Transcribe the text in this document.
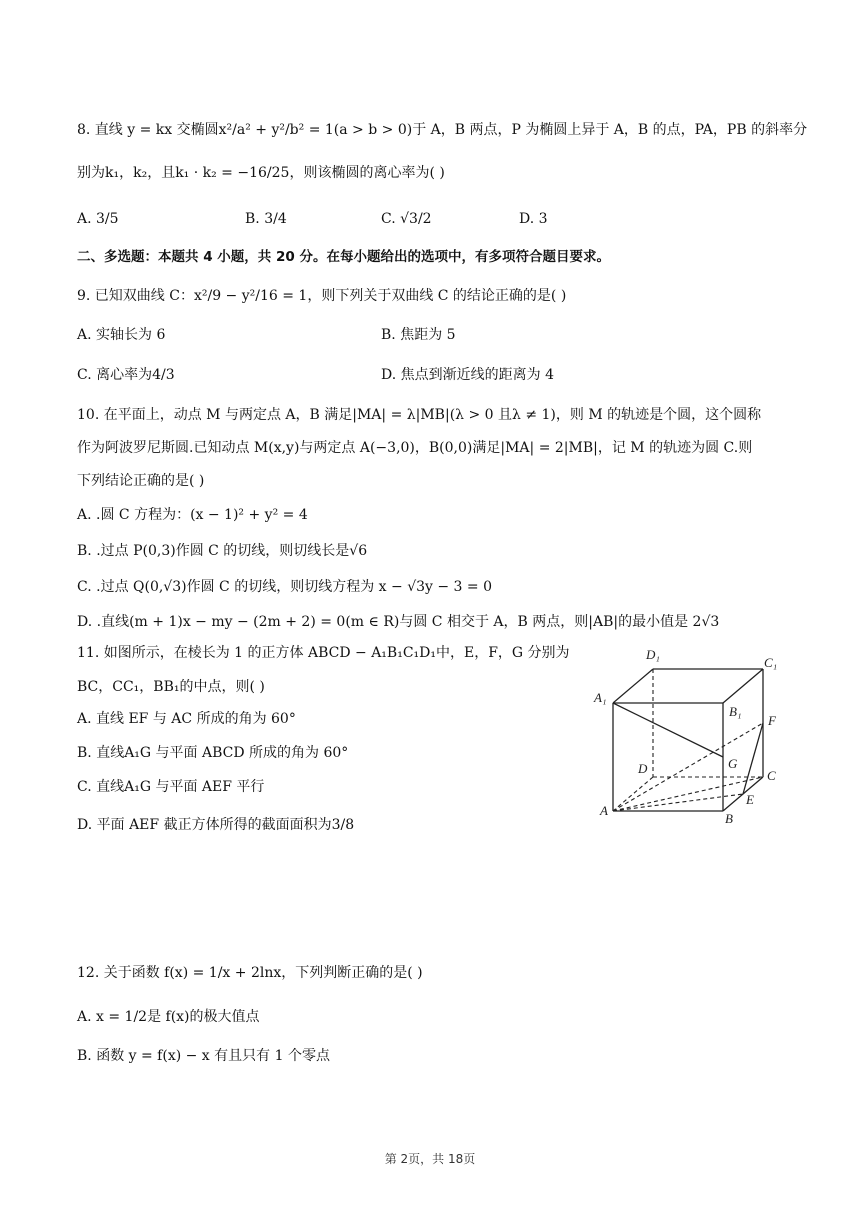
8. 直线 y = kx 交椭圆x²/a² + y²/b² = 1(a > b > 0)于 A，B 两点，P 为椭圆上异于 A，B 的点，PA，PB 的斜率分
别为k₁，k₂，且k₁ · k₂ = −16/25，则该椭圆的离心率为( )
A. 3/5	B. 3/4	C. √3/2	D. 3
二、多选题：本题共 4 小题，共 20 分。在每小题给出的选项中，有多项符合题目要求。
9. 已知双曲线 C：x²/9 − y²/16 = 1，则下列关于双曲线 C 的结论正确的是( )
A. 实轴长为 6	B. 焦距为 5
C. 离心率为4/3	D. 焦点到渐近线的距离为 4
10. 在平面上，动点 M 与两定点 A，B 满足|MA| = λ|MB|(λ > 0 且λ ≠ 1)，则 M 的轨迹是个圆，这个圆称
作为阿波罗尼斯圆.已知动点 M(x,y)与两定点 A(−3,0)，B(0,0)满足|MA| = 2|MB|，记 M 的轨迹为圆 C.则
下列结论正确的是( )
A. .圆 C 方程为：(x − 1)² + y² = 4
B. .过点 P(0,3)作圆 C 的切线，则切线长是√6
C. .过点 Q(0,√3)作圆 C 的切线，则切线方程为 x − √3y − 3 = 0
D. .直线(m + 1)x − my − (2m + 2) = 0(m ∈ R)与圆 C 相交于 A，B 两点，则|AB|的最小值是 2√3
11. 如图所示，在棱长为 1 的正方体 ABCD − A₁B₁C₁D₁中，E，F，G 分别为
BC，CC₁，BB₁的中点，则( )
A. 直线 EF 与 AC 所成的角为 60°
B. 直线A₁G 与平面 ABCD 所成的角为 60°
C. 直线A₁G 与平面 AEF 平行
D. 平面 AEF 截正方体所得的截面面积为3/8
D₁
C₁
A₁
B₁
F
D	G
C
E
A
B
12. 关于函数 f(x) = 1/x + 2lnx，下列判断正确的是( )
A. x = 1/2是 f(x)的极大值点
B. 函数 y = f(x) − x 有且只有 1 个零点
第 2页，共 18页
